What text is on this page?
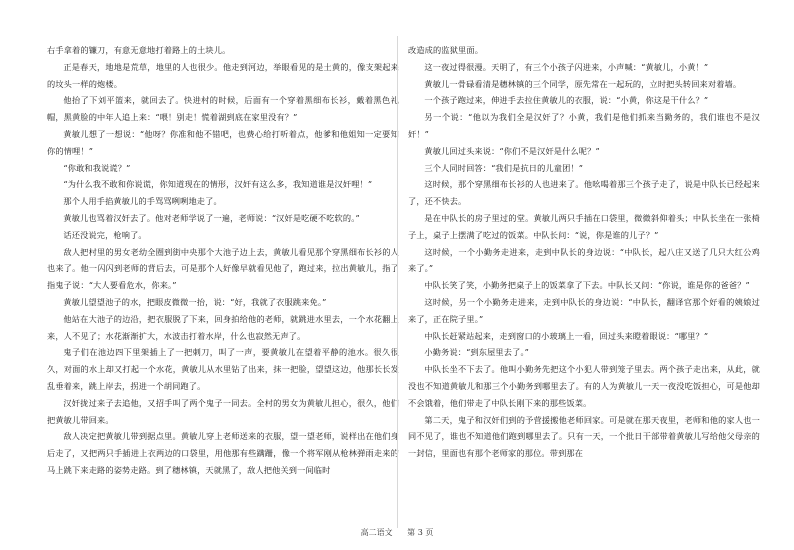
右手拿着的镰刀，有意无意地打着路上的土块儿。

正是春天，地地是荒草，地里的人也很少。他走到河边，举眼看见的是土黄的，像支架起来的坟头一样的炮楼。

他抬了下刘平篮来，就回去了。快进村的时候，后面有一个穿着黑细布长衫，戴着黑色礼帽，黑黄脸的中年人追上来：“喂！别走！慌着湖到底在家里没有？”

黄敏儿想了一想说：“他呀？你准和他不错吧，也费心给打听着点，他爹和他姐知一定要知你的情哩！”

“你敢和我说谎？”

“为什么我不敢和你说谎，你知道现在的情形，汉奸有这么多，我知道谁是汉奸哩！”

那个人用手掐黄敏儿的手骂骂咧咧地走了。

黄敏儿也骂着汉奸去了。他对老师学说了一遍，老师说：“汉奸是吃硬不吃软的。”

话还没说完，枪响了。

敌人把村里的男女老幼全圈到街中央那个大池子边上去，黄敏儿看见那个穿黑细布长衫的人也来了。他一闪闪到老师的背后去，可是那个人好像早就看见他了，跑过来，拉出黄敏儿，指了指鬼子说：“大人要看危水，你来。”

黄敏儿望望池子的水，把眼皮微微一抬，说：“好，我就了衣服跳来免。”

他站在大池子的边沿，把衣服脱了下来，回身拍给他的老师，就跳进水里去，一个水花翻上来，人不见了；水花渐渐扩大，水波击打着水岸，什么也寂然无声了。

鬼子们在池边四下里架插上了一把刺刀，叫了一声，要黄敏儿在望着平静的池水。很久很久，对面的水上却又打起一个水花，黄敏儿从水里钻了出来，抹一把脸，望望这边，他那长长发乱垂着来，跳上岸去，拐进一个胡同跑了。

汉奸拢过来子去追他，又招手叫了两个鬼子一同去。全村的男女为黄敏儿担心，很久，他们把黄敏儿带回来。

敌人决定把黄敏儿带到据点里。黄敏儿穿上老师送来的衣服，望一望老师，说样出在他们身后走了，又把两只手插进上衣两边的口袋里，用他那有些蹒跚，像一个将军刚从枪林弹雨走来的马上跳下来走路的姿势走路。到了穗林镇，天就黑了，敌人把他关到一间临时

改造成的监狱里面。

这一夜过得很漫。天明了，有三个小孩子闪进来，小声喊：“黄敏儿，小黄！”

黄敏儿一骨碌看清是穗林镇的三个同学，原先常在一起玩的，立时把头转回来对着墙。

一个孩子跑过来，伸进手去拉住黄敏儿的衣服，说：“小黄，你这是干什么？”

另一个说：“他以为我们全是汉奸了？小黄，我们是他们抓来当勤务的，我们谁也不是汉奸！”

黄敏儿回过头来说：“你们不是汉奸是什么呢？”

三个人同时回答：“我们是抗日的儿童团！”

这时候，那个穿黑细布长衫的人也进来了。他吆喝着那三个孩子走了，说是中队长已经起来了，还不快去。

是在中队长的房子里过的堂。黄敏儿两只手插在口袋里，微微斜仰着头；中队长坐在一张椅子上，桌子上摆满了吃过的饭菜。中队长问：“说，你是谁的儿子？”

这时候，一个小勤务走进来，走到中队长的身边说：“中队长，起八庄又送了几只大红公鸡来了。”

中队长笑了笑，小勤务把桌子上的饭菜拿了下去。中队长又问：“你说，谁是你的爸爸？”

这时候，另一个小勤务走进来，走到中队长的身边说：“中队长，翻译官那个好看的姨娘过来了，正在院子里。”

中队长赶紧站起来，走到窗口的小玻璃上一看，回过头来瞪着眼说：“哪里？”

小勤务说：“到东屋里去了。”

中队长坐不下去了。他叫小勤务先把这个小犯人带到笼子里去。两个孩子走出来，从此，就没也不知道黄敏儿和那三个小勤务到哪里去了。有的人为黄敏儿一天一夜没吃饭担心，可是他却不会饿着，他们带走了中队长刚下来的那些饭菜。

第二天，鬼子和汉奸们到的予营援搬他老师回家。可是就在那天夜里，老师和他的家人也一同不见了，谁也不知道他们跑到哪里去了。只有一天，一个批日干部带着黄敏儿写给他父母亲的一封信，里面也有那个老师家的那位。带到那在

高二语文 第 3 页
